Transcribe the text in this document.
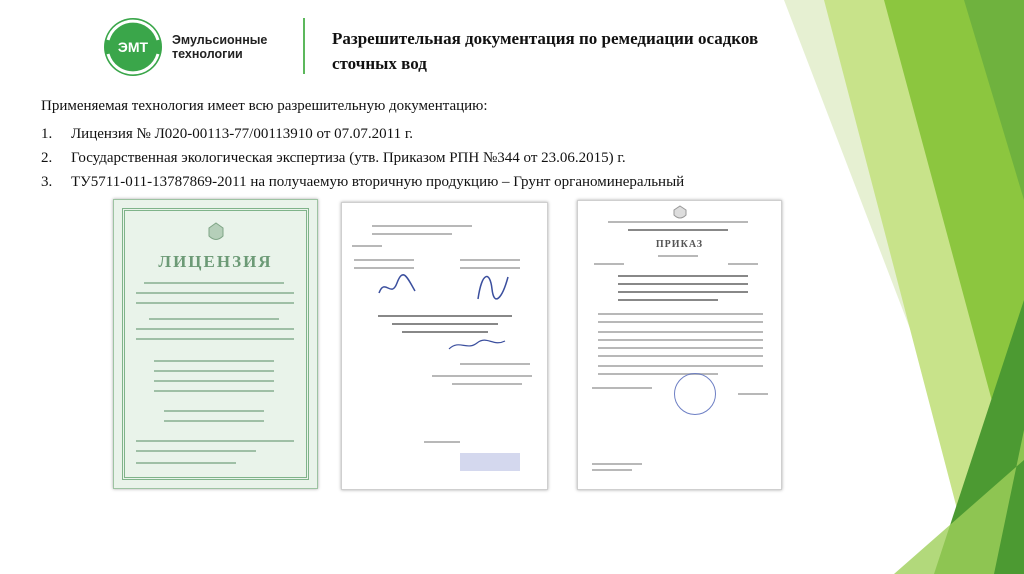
ЭМТ Эмульсионные
технологии
Разрешительная документация по ремедиации осадков сточных вод
Применяемая технология имеет всю разрешительную документацию:
1.	Лицензия № Л020-00113-77/00113910 от 07.07.2011 г.
2.	Государственная экологическая экспертиза (утв. Приказом РПН №344 от 23.06.2015) г.
3.	ТУ5711-011-13787869-2011 на получаемую вторичную продукцию – Грунт органоминеральный
ЛИЦЕНЗИЯ
ПРИКАЗ
